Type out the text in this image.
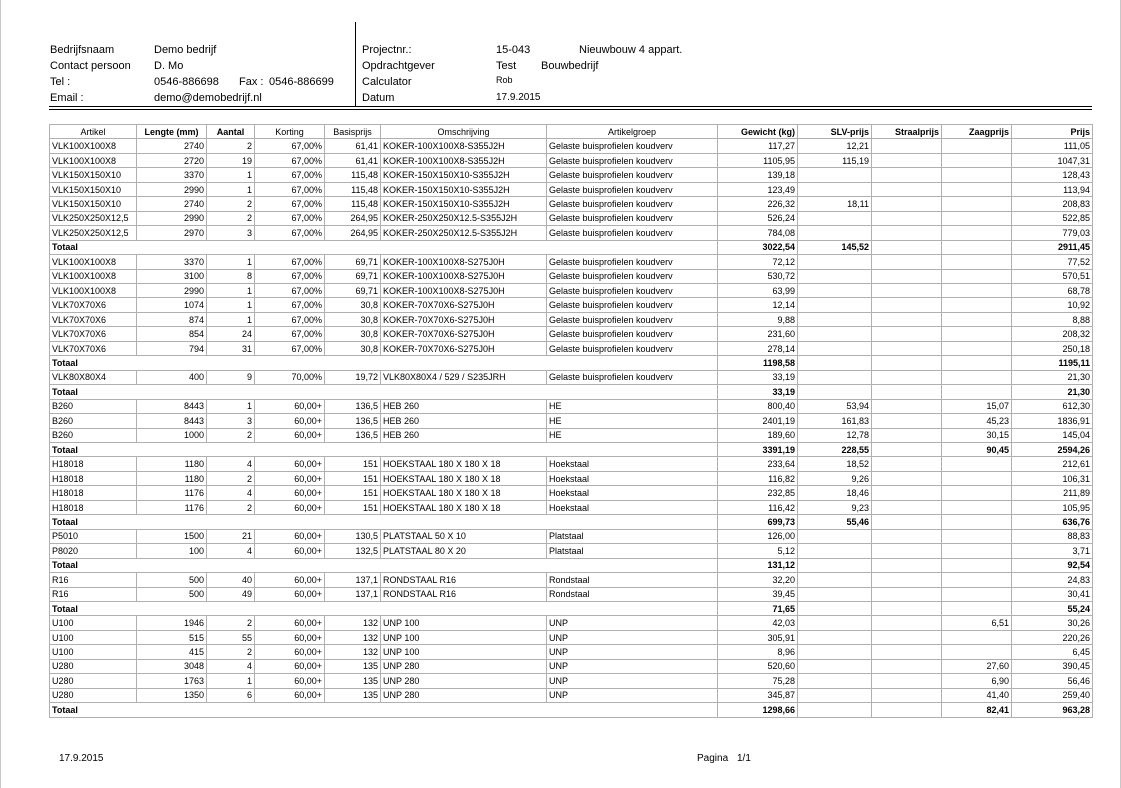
Bedrijfsnaam	Demo bedrijf
Contact persoon D. Mo
Tel :	0546-886698 Fax : 0546-886699
Email :	demo@demobedrijf.nl
Projectnr.:	15-043	Nieuwbouw 4 appart.
Opdrachtgever	Test Bouwbedrijf
Calculator	Rob
Datum	17.9.2015
Artikel	Lengte (mm)	Aantal	Korting	Basisprijs	Omschrijving	Artikelgroep	Gewicht (kg)	SLV-prijs	Straalprijs	Zaagprijs	Prijs
VLK100X100X8	2740	2	67,00%	61,41	KOKER-100X100X8-S355J2H	Gelaste buisprofielen koudverv	117,27	12,21			111,05
VLK100X100X8	2720	19	67,00%	61,41	KOKER-100X100X8-S355J2H	Gelaste buisprofielen koudverv	1105,95	115,19			1047,31
VLK150X150X10	3370	1	67,00%	115,48	KOKER-150X150X10-S355J2H	Gelaste buisprofielen koudverv	139,18				128,43
VLK150X150X10	2990	1	67,00%	115,48	KOKER-150X150X10-S355J2H	Gelaste buisprofielen koudverv	123,49				113,94
VLK150X150X10	2740	2	67,00%	115,48	KOKER-150X150X10-S355J2H	Gelaste buisprofielen koudverv	226,32	18,11			208,83
VLK250X250X12,5	2990	2	67,00%	264,95	KOKER-250X250X12.5-S355J2H	Gelaste buisprofielen koudverv	526,24				522,85
VLK250X250X12,5	2970	3	67,00%	264,95	KOKER-250X250X12.5-S355J2H	Gelaste buisprofielen koudverv	784,08				779,03
Totaal							3022,54	145,52			2911,45
VLK100X100X8	3370	1	67,00%	69,71	KOKER-100X100X8-S275J0H	Gelaste buisprofielen koudverv	72,12				77,52
VLK100X100X8	3100	8	67,00%	69,71	KOKER-100X100X8-S275J0H	Gelaste buisprofielen koudverv	530,72				570,51
VLK100X100X8	2990	1	67,00%	69,71	KOKER-100X100X8-S275J0H	Gelaste buisprofielen koudverv	63,99				68,78
VLK70X70X6	1074	1	67,00%	30,8	KOKER-70X70X6-S275J0H	Gelaste buisprofielen koudverv	12,14				10,92
VLK70X70X6	874	1	67,00%	30,8	KOKER-70X70X6-S275J0H	Gelaste buisprofielen koudverv	9,88				8,88
VLK70X70X6	854	24	67,00%	30,8	KOKER-70X70X6-S275J0H	Gelaste buisprofielen koudverv	231,60				208,32
VLK70X70X6	794	31	67,00%	30,8	KOKER-70X70X6-S275J0H	Gelaste buisprofielen koudverv	278,14				250,18
Totaal							1198,58				1195,11
VLK80X80X4	400	9	70,00%	19,72	VLK80X80X4 / 529 / S235JRH	Gelaste buisprofielen koudverv	33,19				21,30
Totaal							33,19				21,30
B260	8443	1	60,00+	136,5	HEB 260	HE	800,40	53,94		15,07	612,30
B260	8443	3	60,00+	136,5	HEB 260	HE	2401,19	161,83		45,23	1836,91
B260	1000	2	60,00+	136,5	HEB 260	HE	189,60	12,78		30,15	145,04
Totaal							3391,19	228,55		90,45	2594,26
H18018	1180	4	60,00+	151	HOEKSTAAL 180 X 180 X 18	Hoekstaal	233,64	18,52			212,61
H18018	1180	2	60,00+	151	HOEKSTAAL 180 X 180 X 18	Hoekstaal	116,82	9,26			106,31
H18018	1176	4	60,00+	151	HOEKSTAAL 180 X 180 X 18	Hoekstaal	232,85	18,46			211,89
H18018	1176	2	60,00+	151	HOEKSTAAL 180 X 180 X 18	Hoekstaal	116,42	9,23			105,95
Totaal							699,73	55,46			636,76
P5010	1500	21	60,00+	130,5	PLATSTAAL 50 X 10	Platstaal	126,00				88,83
P8020	100	4	60,00+	132,5	PLATSTAAL 80 X 20	Platstaal	5,12				3,71
Totaal							131,12				92,54
R16	500	40	60,00+	137,1	RONDSTAAL R16	Rondstaal	32,20				24,83
R16	500	49	60,00+	137,1	RONDSTAAL R16	Rondstaal	39,45				30,41
Totaal							71,65				55,24
U100	1946	2	60,00+	132	UNP 100	UNP	42,03			6,51	30,26
U100	515	55	60,00+	132	UNP 100	UNP	305,91				220,26
U100	415	2	60,00+	132	UNP 100	UNP	8,96				6,45
U280	3048	4	60,00+	135	UNP 280	UNP	520,60			27,60	390,45
U280	1763	1	60,00+	135	UNP 280	UNP	75,28			6,90	56,46
U280	1350	6	60,00+	135	UNP 280	UNP	345,87			41,40	259,40
Totaal							1298,66			82,41	963,28
17.9.2015	Pagina 1/1
